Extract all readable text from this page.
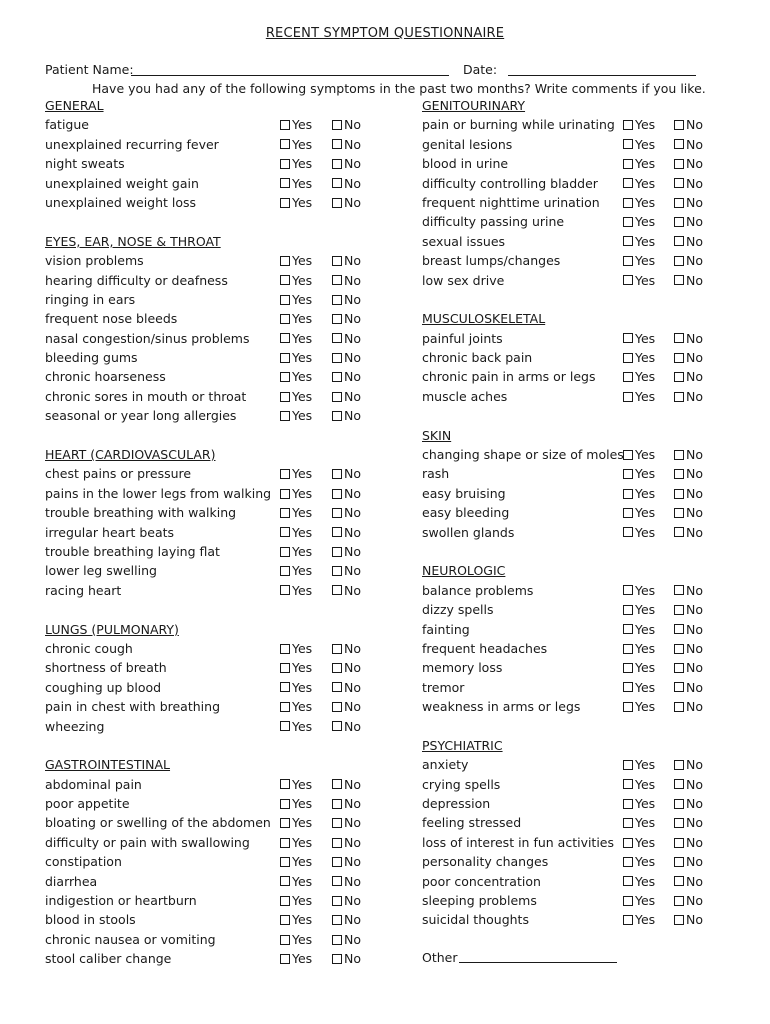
RECENT SYMPTOM QUESTIONNAIRE
Patient Name:	Date:
Have you had any of the following symptoms in the past two months? Write comments if you like.
GENERAL
fatigue	Yes	No
unexplained recurring fever	Yes	No
night sweats	Yes	No
unexplained weight gain	Yes	No
unexplained weight loss	Yes	No
EYES, EAR, NOSE & THROAT
vision problems	Yes	No
hearing difficulty or deafness	Yes	No
ringing in ears	Yes	No
frequent nose bleeds	Yes	No
nasal congestion/sinus problems	Yes	No
bleeding gums	Yes	No
chronic hoarseness	Yes	No
chronic sores in mouth or throat	Yes	No
seasonal or year long allergies	Yes	No
HEART (CARDIOVASCULAR)
chest pains or pressure	Yes	No
pains in the lower legs from walking Yes	No
trouble breathing with walking	Yes	No
irregular heart beats	Yes	No
trouble breathing laying flat	Yes	No
lower leg swelling	Yes	No
racing heart	Yes	No
LUNGS (PULMONARY)
chronic cough	Yes	No
shortness of breath	Yes	No
coughing up blood	Yes	No
pain in chest with breathing	Yes	No
wheezing	Yes	No
GASTROINTESTINAL
abdominal pain	Yes	No
poor appetite	Yes	No
bloating or swelling of the abdomen Yes	No
difficulty or pain with swallowing	Yes	No
constipation	Yes	No
diarrhea	Yes	No
indigestion or heartburn	Yes	No
blood in stools	Yes	No
chronic nausea or vomiting	Yes	No
stool caliber change	Yes	No
GENITOURINARY
pain or burning while urinating Yes No
genital lesions	Yes No
blood in urine	Yes No
difficulty controlling bladder	Yes No
frequent nighttime urination	Yes No
difficulty passing urine	Yes No
sexual issues	Yes No
breast lumps/changes	Yes No
low sex drive	Yes No
MUSCULOSKELETAL
painful joints	Yes No
chronic back pain	Yes No
chronic pain in arms or legs	Yes No
muscle aches	Yes No
SKIN
changing shape or size of moles Yes No
rash	Yes No
easy bruising	Yes No
easy bleeding	Yes No
swollen glands	Yes No
NEUROLOGIC
balance problems	Yes No
dizzy spells	Yes No
fainting	Yes No
frequent headaches	Yes No
memory loss	Yes No
tremor	Yes No
weakness in arms or legs	Yes No
PSYCHIATRIC
anxiety	Yes No
crying spells	Yes No
depression	Yes No
feeling stressed	Yes No
loss of interest in fun activities Yes No
personality changes	Yes No
poor concentration	Yes No
sleeping problems	Yes No
suicidal thoughts	Yes No
Other
